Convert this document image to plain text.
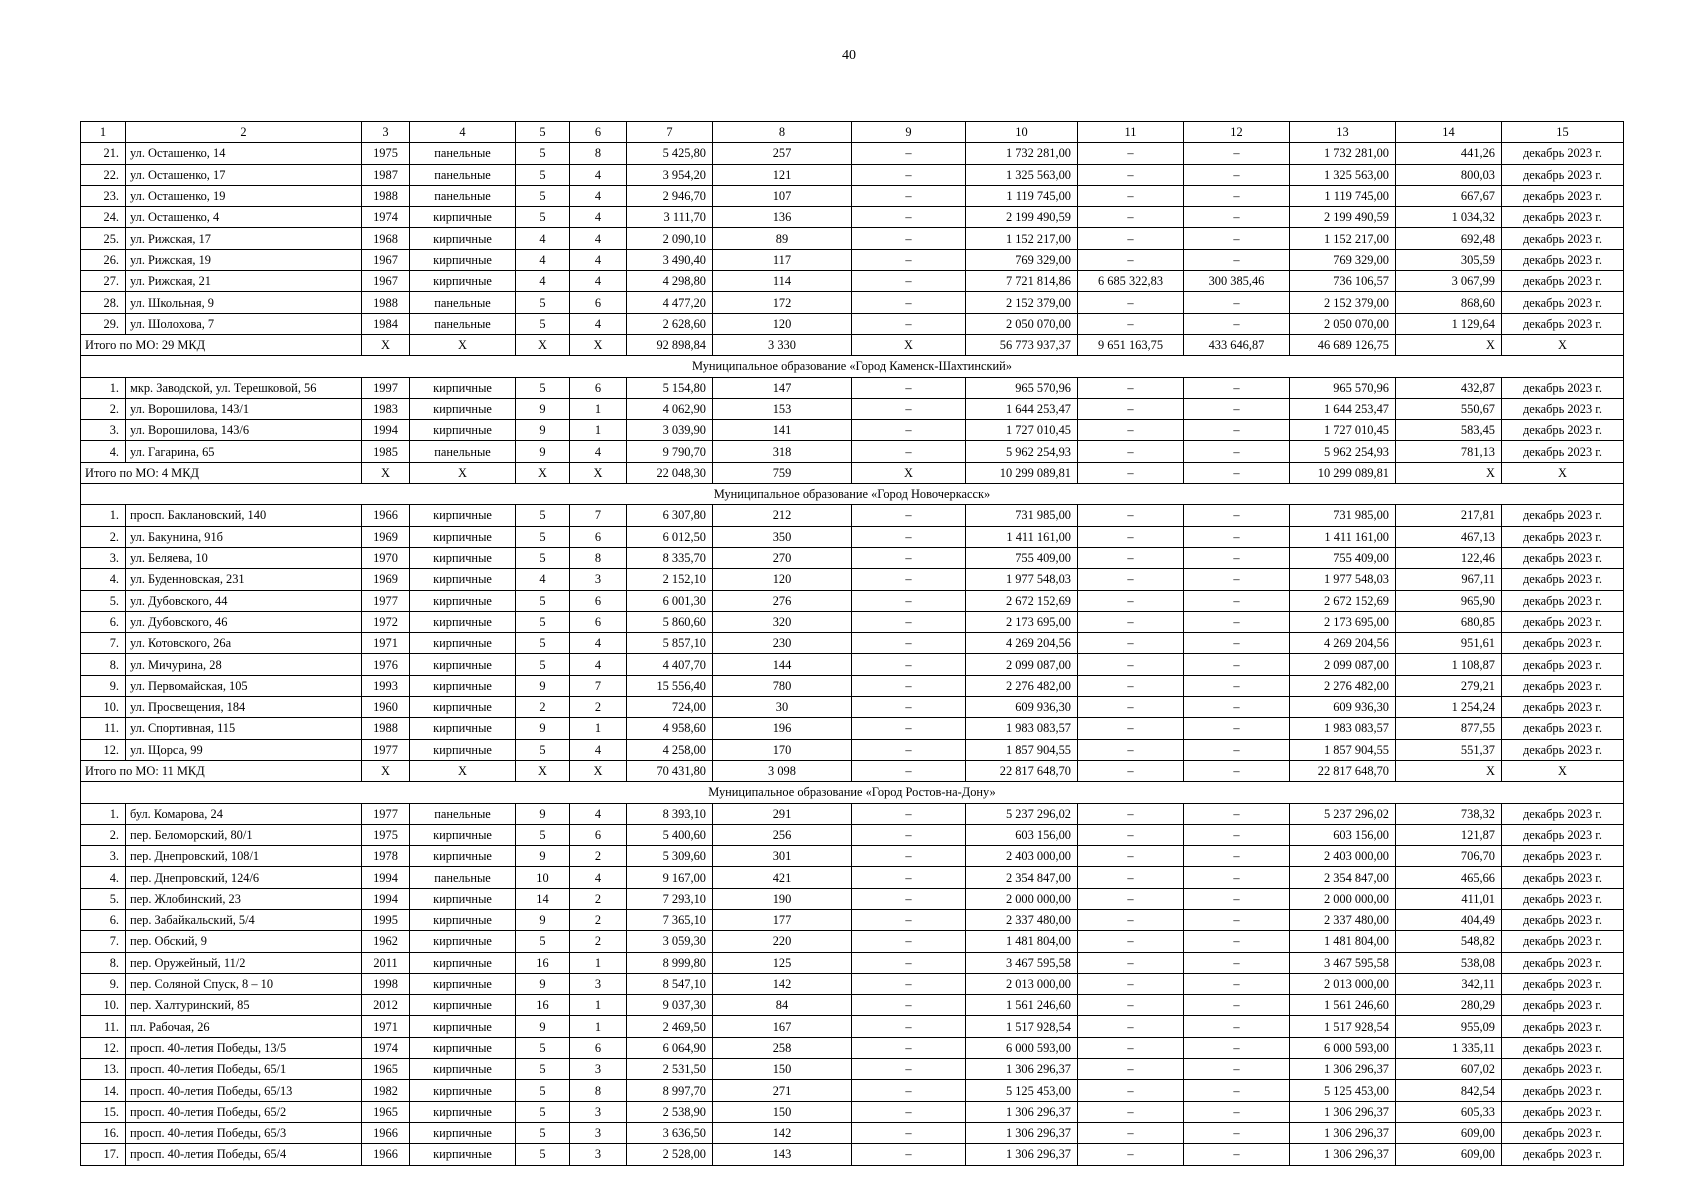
40
1	2	3	4	5	6	7	8	9	10	11	12	13	14	15
21.	ул. Осташенко, 14	1975	панельные	5	8	5 425,80	257	–	1 732 281,00	–	–	1 732 281,00	441,26	декабрь 2023 г.
22.	ул. Осташенко, 17	1987	панельные	5	4	3 954,20	121	–	1 325 563,00	–	–	1 325 563,00	800,03	декабрь 2023 г.
23.	ул. Осташенко, 19	1988	панельные	5	4	2 946,70	107	–	1 119 745,00	–	–	1 119 745,00	667,67	декабрь 2023 г.
24.	ул. Осташенко, 4	1974	кирпичные	5	4	3 111,70	136	–	2 199 490,59	–	–	2 199 490,59	1 034,32	декабрь 2023 г.
25.	ул. Рижская, 17	1968	кирпичные	4	4	2 090,10	89	–	1 152 217,00	–	–	1 152 217,00	692,48	декабрь 2023 г.
26.	ул. Рижская, 19	1967	кирпичные	4	4	3 490,40	117	–	769 329,00	–	–	769 329,00	305,59	декабрь 2023 г.
27.	ул. Рижская, 21	1967	кирпичные	4	4	4 298,80	114	–	7 721 814,86	6 685 322,83	300 385,46	736 106,57	3 067,99	декабрь 2023 г.
28.	ул. Школьная, 9	1988	панельные	5	6	4 477,20	172	–	2 152 379,00	–	–	2 152 379,00	868,60	декабрь 2023 г.
29.	ул. Шолохова, 7	1984	панельные	5	4	2 628,60	120	–	2 050 070,00	–	–	2 050 070,00	1 129,64	декабрь 2023 г.
Итого по МО: 29 МКД		X	X	X	X	92 898,84	3 330	X	56 773 937,37	9 651 163,75	433 646,87	46 689 126,75	X	X
Муниципальное образование «Город Каменск-Шахтинский»														
1.	мкр. Заводской, ул. Терешковой, 56	1997	кирпичные	5	6	5 154,80	147	–	965 570,96	–	–	965 570,96	432,87	декабрь 2023 г.
2.	ул. Ворошилова, 143/1	1983	кирпичные	9	1	4 062,90	153	–	1 644 253,47	–	–	1 644 253,47	550,67	декабрь 2023 г.
3.	ул. Ворошилова, 143/6	1994	кирпичные	9	1	3 039,90	141	–	1 727 010,45	–	–	1 727 010,45	583,45	декабрь 2023 г.
4.	ул. Гагарина, 65	1985	панельные	9	4	9 790,70	318	–	5 962 254,93	–	–	5 962 254,93	781,13	декабрь 2023 г.
Итого по МО: 4 МКД		X	X	X	X	22 048,30	759	X	10 299 089,81	–	–	10 299 089,81	X	X
Муниципальное образование «Город Новочеркасск»														
1.	просп. Баклановский, 140	1966	кирпичные	5	7	6 307,80	212	–	731 985,00	–	–	731 985,00	217,81	декабрь 2023 г.
2.	ул. Бакунина, 91б	1969	кирпичные	5	6	6 012,50	350	–	1 411 161,00	–	–	1 411 161,00	467,13	декабрь 2023 г.
3.	ул. Беляева, 10	1970	кирпичные	5	8	8 335,70	270	–	755 409,00	–	–	755 409,00	122,46	декабрь 2023 г.
4.	ул. Буденновская, 231	1969	кирпичные	4	3	2 152,10	120	–	1 977 548,03	–	–	1 977 548,03	967,11	декабрь 2023 г.
5.	ул. Дубовского, 44	1977	кирпичные	5	6	6 001,30	276	–	2 672 152,69	–	–	2 672 152,69	965,90	декабрь 2023 г.
6.	ул. Дубовского, 46	1972	кирпичные	5	6	5 860,60	320	–	2 173 695,00	–	–	2 173 695,00	680,85	декабрь 2023 г.
7.	ул. Котовского, 26а	1971	кирпичные	5	4	5 857,10	230	–	4 269 204,56	–	–	4 269 204,56	951,61	декабрь 2023 г.
8.	ул. Мичурина, 28	1976	кирпичные	5	4	4 407,70	144	–	2 099 087,00	–	–	2 099 087,00	1 108,87	декабрь 2023 г.
9.	ул. Первомайская, 105	1993	кирпичные	9	7	15 556,40	780	–	2 276 482,00	–	–	2 276 482,00	279,21	декабрь 2023 г.
10.	ул. Просвещения, 184	1960	кирпичные	2	2	724,00	30	–	609 936,30	–	–	609 936,30	1 254,24	декабрь 2023 г.
11.	ул. Спортивная, 115	1988	кирпичные	9	1	4 958,60	196	–	1 983 083,57	–	–	1 983 083,57	877,55	декабрь 2023 г.
12.	ул. Щорса, 99	1977	кирпичные	5	4	4 258,00	170	–	1 857 904,55	–	–	1 857 904,55	551,37	декабрь 2023 г.
Итого по МО: 11 МКД		X	X	X	X	70 431,80	3 098	–	22 817 648,70	–	–	22 817 648,70	X	X
Муниципальное образование «Город Ростов-на-Дону»														
1.	бул. Комарова, 24	1977	панельные	9	4	8 393,10	291	–	5 237 296,02	–	–	5 237 296,02	738,32	декабрь 2023 г.
2.	пер. Беломорский, 80/1	1975	кирпичные	5	6	5 400,60	256	–	603 156,00	–	–	603 156,00	121,87	декабрь 2023 г.
3.	пер. Днепровский, 108/1	1978	кирпичные	9	2	5 309,60	301	–	2 403 000,00	–	–	2 403 000,00	706,70	декабрь 2023 г.
4.	пер. Днепровский, 124/6	1994	панельные	10	4	9 167,00	421	–	2 354 847,00	–	–	2 354 847,00	465,66	декабрь 2023 г.
5.	пер. Жлобинский, 23	1994	кирпичные	14	2	7 293,10	190	–	2 000 000,00	–	–	2 000 000,00	411,01	декабрь 2023 г.
6.	пер. Забайкальский, 5/4	1995	кирпичные	9	2	7 365,10	177	–	2 337 480,00	–	–	2 337 480,00	404,49	декабрь 2023 г.
7.	пер. Обский, 9	1962	кирпичные	5	2	3 059,30	220	–	1 481 804,00	–	–	1 481 804,00	548,82	декабрь 2023 г.
8.	пер. Оружейный, 11/2	2011	кирпичные	16	1	8 999,80	125	–	3 467 595,58	–	–	3 467 595,58	538,08	декабрь 2023 г.
9.	пер. Соляной Спуск, 8 – 10	1998	кирпичные	9	3	8 547,10	142	–	2 013 000,00	–	–	2 013 000,00	342,11	декабрь 2023 г.
10.	пер. Халтуринский, 85	2012	кирпичные	16	1	9 037,30	84	–	1 561 246,60	–	–	1 561 246,60	280,29	декабрь 2023 г.
11.	пл. Рабочая, 26	1971	кирпичные	9	1	2 469,50	167	–	1 517 928,54	–	–	1 517 928,54	955,09	декабрь 2023 г.
12.	просп. 40-летия Победы, 13/5	1974	кирпичные	5	6	6 064,90	258	–	6 000 593,00	–	–	6 000 593,00	1 335,11	декабрь 2023 г.
13.	просп. 40-летия Победы, 65/1	1965	кирпичные	5	3	2 531,50	150	–	1 306 296,37	–	–	1 306 296,37	607,02	декабрь 2023 г.
14.	просп. 40-летия Победы, 65/13	1982	кирпичные	5	8	8 997,70	271	–	5 125 453,00	–	–	5 125 453,00	842,54	декабрь 2023 г.
15.	просп. 40-летия Победы, 65/2	1965	кирпичные	5	3	2 538,90	150	–	1 306 296,37	–	–	1 306 296,37	605,33	декабрь 2023 г.
16.	просп. 40-летия Победы, 65/3	1966	кирпичные	5	3	3 636,50	142	–	1 306 296,37	–	–	1 306 296,37	609,00	декабрь 2023 г.
17.	просп. 40-летия Победы, 65/4	1966	кирпичные	5	3	2 528,00	143	–	1 306 296,37	–	–	1 306 296,37	609,00	декабрь 2023 г.
